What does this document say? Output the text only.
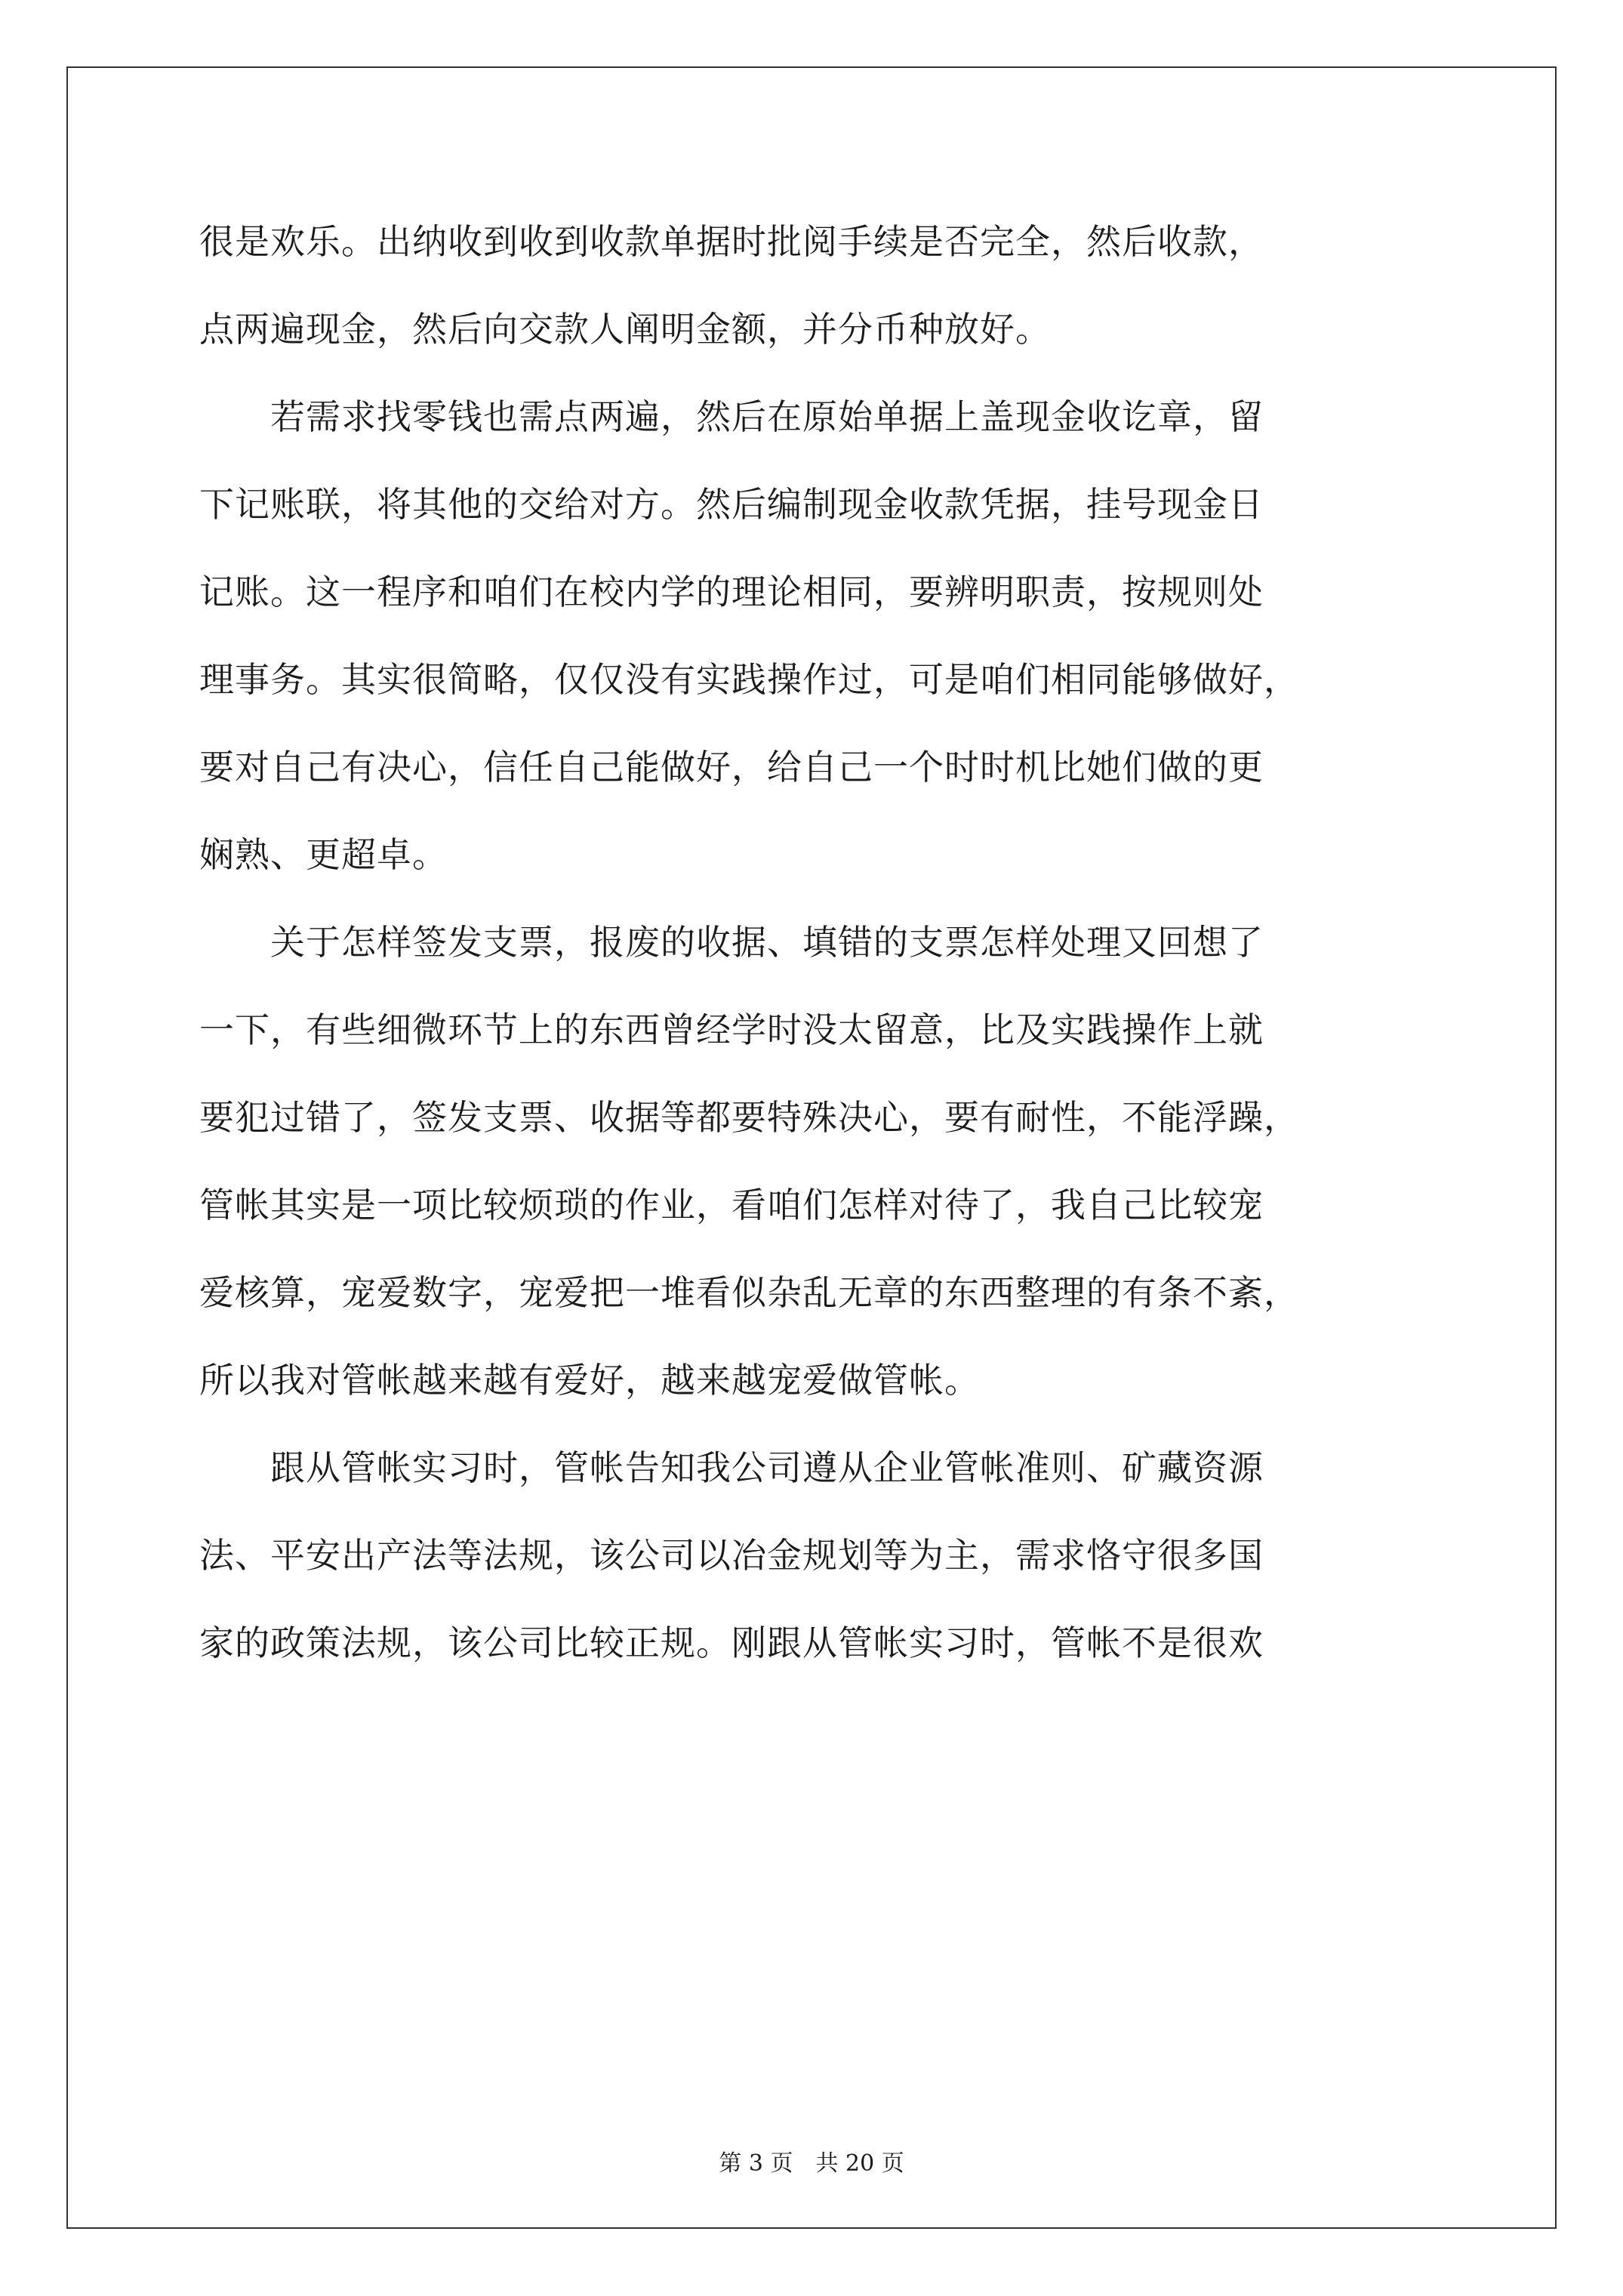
很是欢乐。出纳收到收到收款单据时批阅手续是否完全，然后收款，
点两遍现金，然后向交款人阐明金额，并分币种放好。
　　若需求找零钱也需点两遍，然后在原始单据上盖现金收讫章，留
下记账联，将其他的交给对方。然后编制现金收款凭据，挂号现金日
记账。这一程序和咱们在校内学的理论相同，要辨明职责，按规则处
理事务。其实很简略，仅仅没有实践操作过，可是咱们相同能够做好，
要对自己有决心，信任自己能做好，给自己一个时时机比她们做的更
娴熟、更超卓。
　　关于怎样签发支票，报废的收据、填错的支票怎样处理又回想了
一下，有些细微环节上的东西曾经学时没太留意，比及实践操作上就
要犯过错了，签发支票、收据等都要特殊决心，要有耐性，不能浮躁，
管帐其实是一项比较烦琐的作业，看咱们怎样对待了，我自己比较宠
爱核算，宠爱数字，宠爱把一堆看似杂乱无章的东西整理的有条不紊，
所以我对管帐越来越有爱好，越来越宠爱做管帐。
　　跟从管帐实习时，管帐告知我公司遵从企业管帐准则、矿藏资源
法、平安出产法等法规，该公司以冶金规划等为主，需求恪守很多国
家的政策法规，该公司比较正规。刚跟从管帐实习时，管帐不是很欢
第 3 页　共 20 页
